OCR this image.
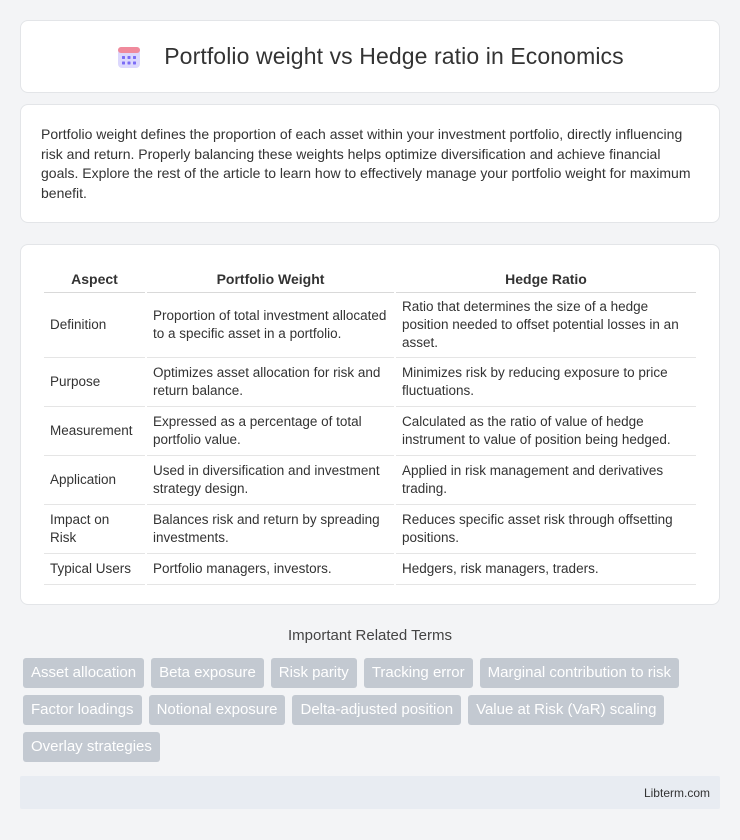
Portfolio weight vs Hedge ratio in Economics

Portfolio weight defines the proportion of each asset within your investment portfolio, directly influencing risk and return. Properly balancing these weights helps optimize diversification and achieve financial goals. Explore the rest of the article to learn how to effectively manage your portfolio weight for maximum benefit.

Aspect	Portfolio Weight	Hedge Ratio
Definition	Proportion of total investment allocated to a specific asset in a portfolio.	Ratio that determines the size of a hedge position needed to offset potential losses in an asset.
Purpose	Optimizes asset allocation for risk and return balance.	Minimizes risk by reducing exposure to price fluctuations.
Measurement	Expressed as a percentage of total portfolio value.	Calculated as the ratio of value of hedge instrument to value of position being hedged.
Application	Used in diversification and investment strategy design.	Applied in risk management and derivatives trading.
Impact on Risk	Balances risk and return by spreading investments.	Reduces specific asset risk through offsetting positions.
Typical Users	Portfolio managers, investors.	Hedgers, risk managers, traders.
Important Related Terms
Asset allocation	Beta exposure	Risk parity	Tracking error	Marginal contribution to risk
Factor loadings	Notional exposure	Delta-adjusted position	Value at Risk (VaR) scaling
Overlay strategies
Libterm.com
